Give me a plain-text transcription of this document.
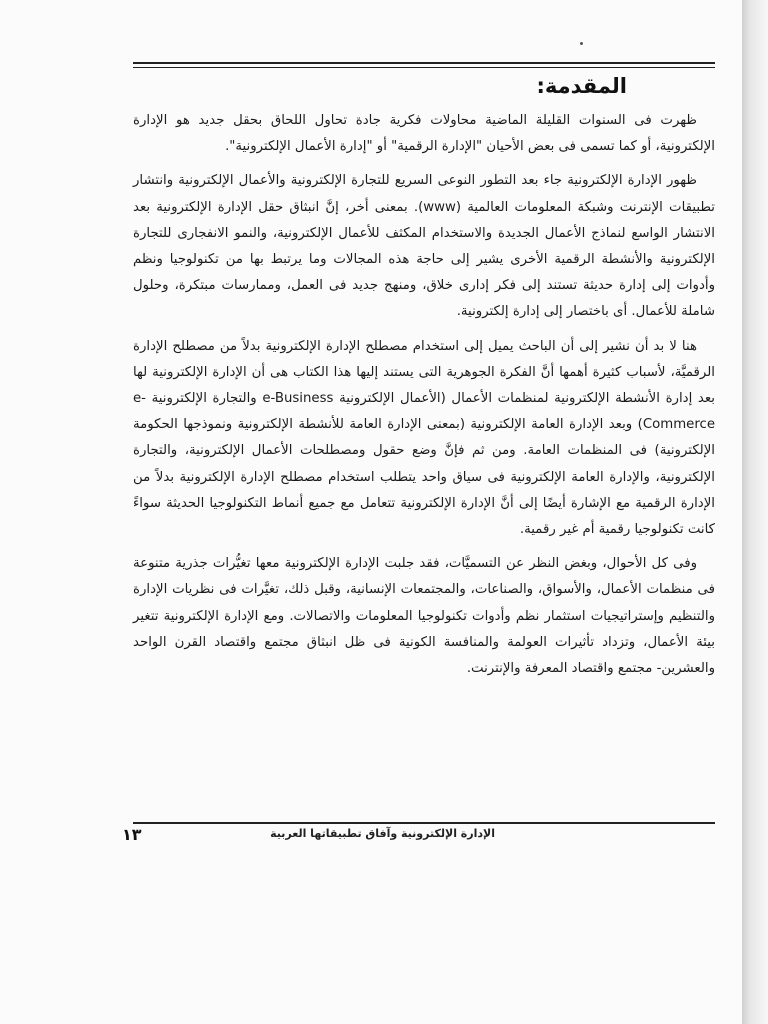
المقدمة:

ظهرت فى السنوات القليلة الماضية محاولات فكرية جادة تحاول اللحاق بحقل جديد هو الإدارة الإلكترونية، أو كما تسمى فى بعض الأحيان "الإدارة الرقمية" أو "إدارة الأعمال الإلكترونية".

ظهور الإدارة الإلكترونية جاء بعد التطور النوعى السريع للتجارة الإلكترونية والأعمال الإلكترونية وانتشار تطبيقات الإنترنت وشبكة المعلومات العالمية (www). بمعنى أخر، إنَّ انبثاق حقل الإدارة الإلكترونية بعد الانتشار الواسع لنماذج الأعمال الجديدة والاستخدام المكثف للأعمال الإلكترونية، والنمو الانفجارى للتجارة الإلكترونية والأنشطة الرقمية الأخرى يشير إلى حاجة هذه المجالات وما يرتبط بها من تكنولوجيا ونظم وأدوات إلى إدارة حديثة تستند إلى فكر إدارى خلاق، ومنهج جديد فى العمل، وممارسات مبتكرة، وحلول شاملة للأعمال. أى باختصار إلى إدارة إلكترونية.

هنا لا بد أن نشير إلى أن الباحث يميل إلى استخدام مصطلح الإدارة الإلكترونية بدلاً من مصطلح الإدارة الرقميَّة، لأسباب كثيرة أهمها أنَّ الفكرة الجوهرية التى يستند إليها هذا الكتاب هى أن الإدارة الإلكترونية لها بعد إدارة الأنشطة الإلكترونية لمنظمات الأعمال (الأعمال الإلكترونية e-Business والتجارة الإلكترونية e- Commerce) وبعد الإدارة العامة الإلكترونية (بمعنى الإدارة العامة للأنشطة الإلكترونية ونموذجها الحكومة الإلكترونية) فى المنظمات العامة. ومن ثم فإنَّ وضع حقول ومصطلحات الأعمال الإلكترونية، والتجارة الإلكترونية، والإدارة العامة الإلكترونية فى سياق واحد يتطلب استخدام مصطلح الإدارة الإلكترونية بدلاً من الإدارة الرقمية مع الإشارة أيضًا إلى أنَّ الإدارة الإلكترونية تتعامل مع جميع أنماط التكنولوجيا الحديثة سواءً كانت تكنولوجيا رقمية أم غير رقمية.

وفى كل الأحوال، وبغض النظر عن التسميَّات، فقد جلبت الإدارة الإلكترونية معها تغيُّرات جذرية متنوعة فى منظمات الأعمال، والأسواق، والصناعات، والمجتمعات الإنسانية، وقبل ذلك، تغيَّرات فى نظريات الإدارة والتنظيم وإستراتيجيات استثمار نظم وأدوات تكنولوجيا المعلومات والاتصالات. ومع الإدارة الإلكترونية تتغير بيئة الأعمال، وتزداد تأثيرات العولمة والمنافسة الكونية فى ظل انبثاق مجتمع واقتصاد القرن الواحد والعشرين- مجتمع واقتصاد المعرفة والإنترنت.

١٣	الإدارة الإلكترونية وآفاق تطبيقاتها العربية
